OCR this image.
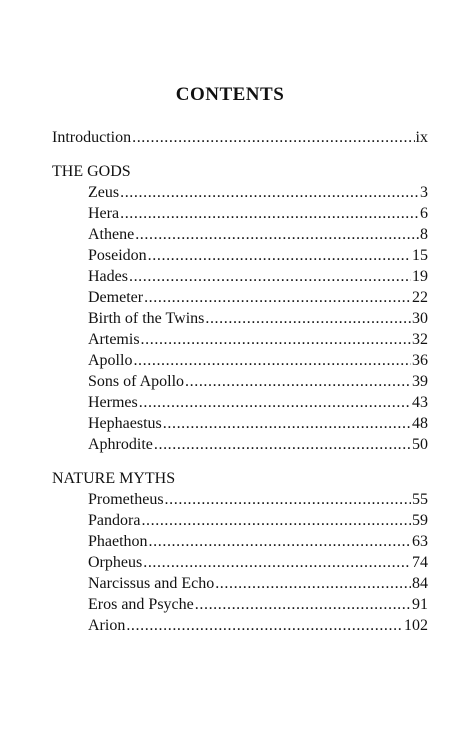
CONTENTS
Introduction .....	ix
THE GODS
Zeus .....	3
Hera .....	6
Athene .....	8
Poseidon .....	15
Hades .....	19
Demeter .....	22
Birth of the Twins .....	30
Artemis .....	32
Apollo .....	36
Sons of Apollo .....	39
Hermes .....	43
Hephaestus .....	48
Aphrodite .....	50
NATURE MYTHS
Prometheus .....	55
Pandora .....	59
Phaethon .....	63
Orpheus .....	74
Narcissus and Echo .....	84
Eros and Psyche .....	91
Arion .....	102
